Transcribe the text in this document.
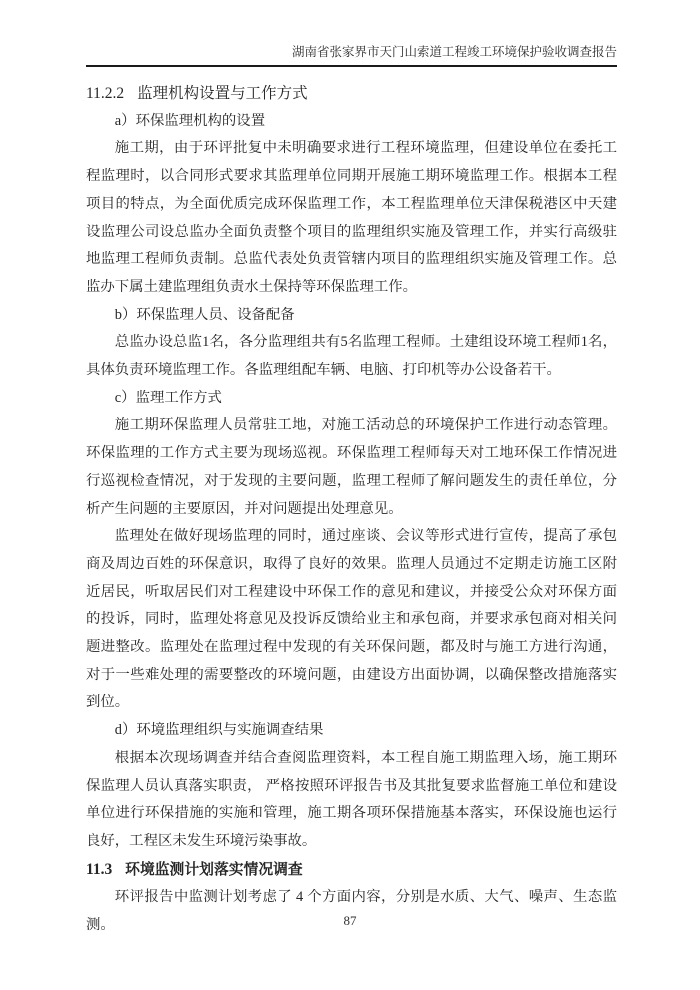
湖南省张家界市天门山索道工程竣工环境保护验收调查报告
11.2.2 监理机构设置与工作方式

a）环保监理机构的设置

施工期，由于环评批复中未明确要求进行工程环境监理，但建设单位在委托工程监理时，以合同形式要求其监理单位同期开展施工期环境监理工作。根据本工程项目的特点，为全面优质完成环保监理工作，本工程监理单位天津保税港区中天建设监理公司设总监办全面负责整个项目的监理组织实施及管理工作，并实行高级驻地监理工程师负责制。总监代表处负责管辖内项目的监理组织实施及管理工作。总监办下属土建监理组负责水土保持等环保监理工作。

b）环保监理人员、设备配备

总监办设总监1名，各分监理组共有5名监理工程师。土建组设环境工程师1名，具体负责环境监理工作。各监理组配车辆、电脑、打印机等办公设备若干。

c）监理工作方式

施工期环保监理人员常驻工地，对施工活动总的环境保护工作进行动态管理。环保监理的工作方式主要为现场巡视。环保监理工程师每天对工地环保工作情况进行巡视检查情况，对于发现的主要问题，监理工程师了解问题发生的责任单位，分析产生问题的主要原因，并对问题提出处理意见。

监理处在做好现场监理的同时，通过座谈、会议等形式进行宣传，提高了承包商及周边百姓的环保意识，取得了良好的效果。监理人员通过不定期走访施工区附近居民，听取居民们对工程建设中环保工作的意见和建议，并接受公众对环保方面的投诉，同时，监理处将意见及投诉反馈给业主和承包商，并要求承包商对相关问题进整改。监理处在监理过程中发现的有关环保问题，都及时与施工方进行沟通，对于一些难处理的需要整改的环境问题，由建设方出面协调，以确保整改措施落实到位。

d）环境监理组织与实施调查结果

根据本次现场调查并结合查阅监理资料，本工程自施工期监理入场，施工期环保监理人员认真落实职责， 严格按照环评报告书及其批复要求监督施工单位和建设单位进行环保措施的实施和管理，施工期各项环保措施基本落实，环保设施也运行良好，工程区未发生环境污染事故。

11.3 环境监测计划落实情况调查

环评报告中监测计划考虑了 4 个方面内容，分别是水质、大气、噪声、生态监测。	87
